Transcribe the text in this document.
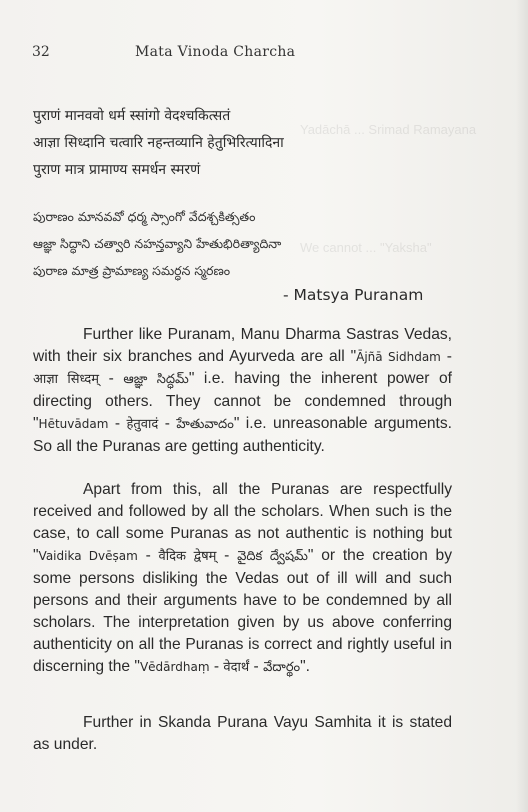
Yadāchā ... Srimad Ramayana
We cannot ... "Yaksha"
32	Mata Vinoda Charcha
पुराणं मानववो धर्म स्सांगो वेदश्चकित्सतं
आज्ञा सिध्दानि चत्वारि नहन्तव्यानि हेतुभिरित्यादिना
पुराण मात्र प्रामाण्य समर्धन स्मरणं
పురాణం మానవవో ధర్మ స్సాంగో వేదశ్చకిత్సతం
ఆజ్ఞా సిద్ధాని చత్వారి నహన్తవ్యాని హేతుభిరిత్యాదినా
పురాణ మాత్ర ప్రామాణ్య సమర్ధన స్మరణం
- Matsya Puranam
Further like Puranam, Manu Dharma Sastras Vedas, with their six branches and Ayurveda are all "Ājñā Sidhdam - आज्ञा सिध्दम् - ఆజ్ఞా సిద్ధమ్" i.e. having the inherent power of directing others. They cannot be condemned through "Hētuvādam - हेतुवादं - హేతువాదం" i.e. unreasonable arguments. So all the Puranas are getting authenticity.
Apart from this, all the Puranas are respectfully received and followed by all the scholars. When such is the case, to call some Puranas as not authentic is nothing but "Vaidika Dvēṣam - वैदिक द्वेषम् - వైదిక ద్వేషమ్" or the creation by some persons disliking the Vedas out of ill will and such persons and their arguments have to be condemned by all scholars. The interpretation given by us above conferring authenticity on all the Puranas is correct and rightly useful in discerning the "Vēdārdhaṃ - वेदार्थं - వేదార్థం".
Further in Skanda Purana Vayu Samhita it is stated as under.
